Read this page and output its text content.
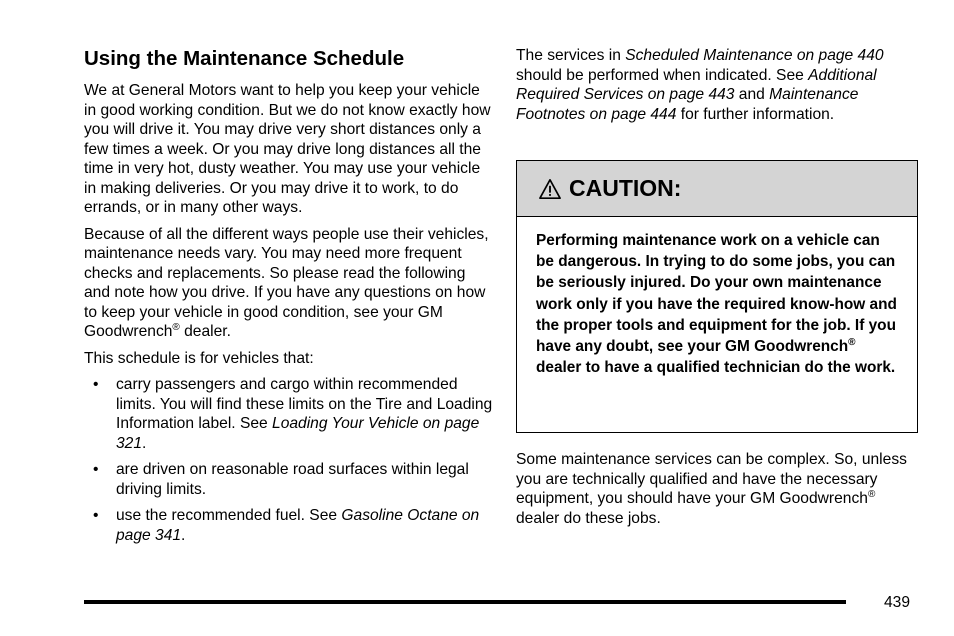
Using the Maintenance Schedule

We at General Motors want to help you keep your vehicle in good working condition. But we do not know exactly how you will drive it. You may drive very short distances only a few times a week. Or you may drive long distances all the time in very hot, dusty weather. You may use your vehicle in making deliveries. Or you may drive it to work, to do errands, or in many other ways.

Because of all the different ways people use their vehicles, maintenance needs vary. You may need more frequent checks and replacements. So please read the following and note how you drive. If you have any questions on how to keep your vehicle in good condition, see your GM Goodwrench® dealer.

This schedule is for vehicles that:

• carry passengers and cargo within recommended limits. You will find these limits on the Tire and Loading Information label. See Loading Your Vehicle on page 321.
• are driven on reasonable road surfaces within legal driving limits.
• use the recommended fuel. See Gasoline Octane on page 341.

The services in Scheduled Maintenance on page 440 should be performed when indicated. See Additional Required Services on page 443 and Maintenance Footnotes on page 444 for further information.

CAUTION:
Performing maintenance work on a vehicle can be dangerous. In trying to do some jobs, you can be seriously injured. Do your own maintenance work only if you have the required know-how and the proper tools and equipment for the job. If you have any doubt, see your GM Goodwrench® dealer to have a qualified technician do the work.

Some maintenance services can be complex. So, unless you are technically qualified and have the necessary equipment, you should have your GM Goodwrench® dealer do these jobs.

439
